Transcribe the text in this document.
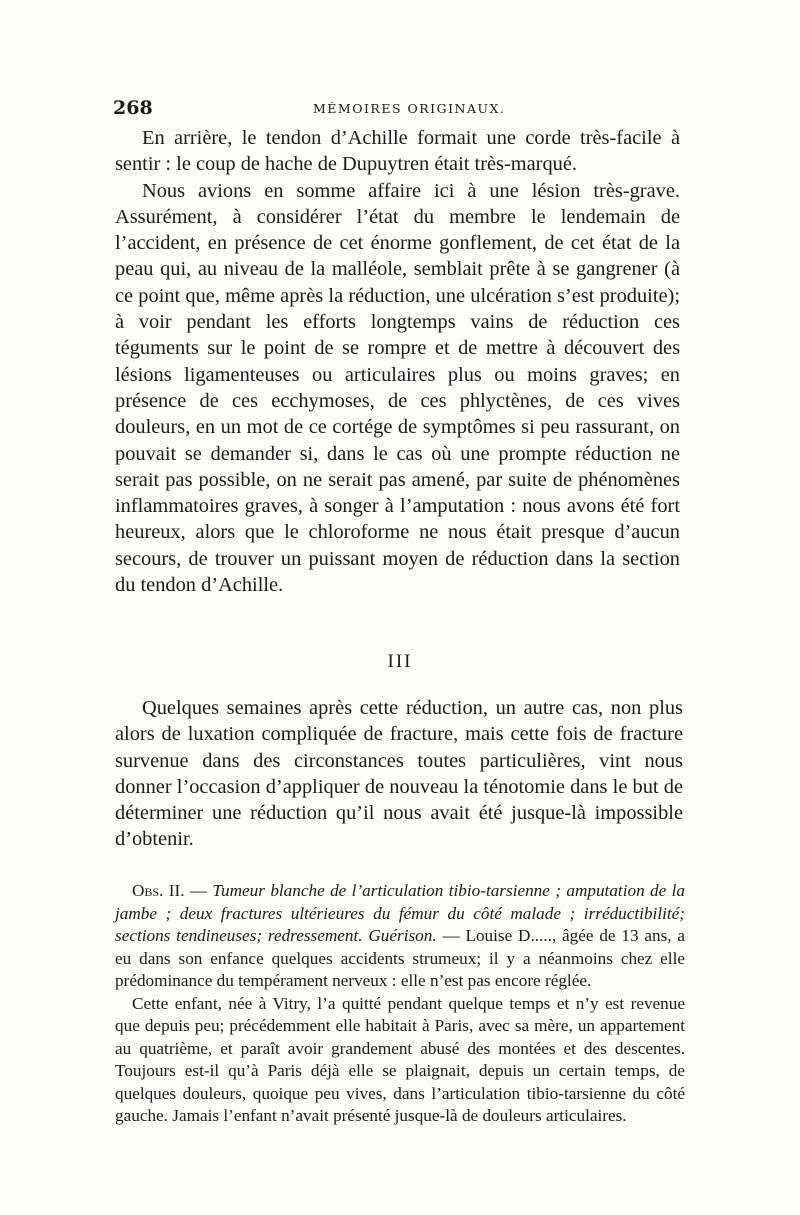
268	MÉMOIRES ORIGINAUX.

En arrière, le tendon d’Achille formait une corde très-facile à sentir : le coup de hache de Dupuytren était très-marqué.

Nous avions en somme affaire ici à une lésion très-grave. Assurément, à considérer l’état du membre le lendemain de l’accident, en présence de cet énorme gonflement, de cet état de la peau qui, au niveau de la malléole, semblait prête à se gangrener (à ce point que, même après la réduction, une ulcération s’est produite); à voir pendant les efforts longtemps vains de réduction ces téguments sur le point de se rompre et de mettre à découvert des lésions ligamenteuses ou articulaires plus ou moins graves; en présence de ces ecchymoses, de ces phlyctènes, de ces vives douleurs, en un mot de ce cortége de symptômes si peu rassurant, on pouvait se demander si, dans le cas où une prompte réduction ne serait pas possible, on ne serait pas amené, par suite de phénomènes inflammatoires graves, à songer à l’amputation : nous avons été fort heureux, alors que le chloroforme ne nous était presque d’aucun secours, de trouver un puissant moyen de réduction dans la section du tendon d’Achille.

III

Quelques semaines après cette réduction, un autre cas, non plus alors de luxation compliquée de fracture, mais cette fois de fracture survenue dans des circonstances toutes particulières, vint nous donner l’occasion d’appliquer de nouveau la ténotomie dans le but de déterminer une réduction qu’il nous avait été jusque-là impossible d’obtenir.

Obs. II. — Tumeur blanche de l’articulation tibio-tarsienne ; amputation de la jambe ; deux fractures ultérieures du fémur du côté malade ; irréductibilité; sections tendineuses; redressement. Guérison. — Louise D....., âgée de 13 ans, a eu dans son enfance quelques accidents strumeux; il y a néanmoins chez elle prédominance du tempérament nerveux : elle n’est pas encore réglée.

Cette enfant, née à Vitry, l’a quitté pendant quelque temps et n’y est revenue que depuis peu; précédemment elle habitait à Paris, avec sa mère, un appartement au quatrième, et paraît avoir grandement abusé des montées et des descentes. Toujours est-il qu’à Paris déjà elle se plaignait, depuis un certain temps, de quelques douleurs, quoique peu vives, dans l’articulation tibio-tarsienne du côté gauche. Jamais l’enfant n’avait présenté jusque-là de douleurs articulaires.
